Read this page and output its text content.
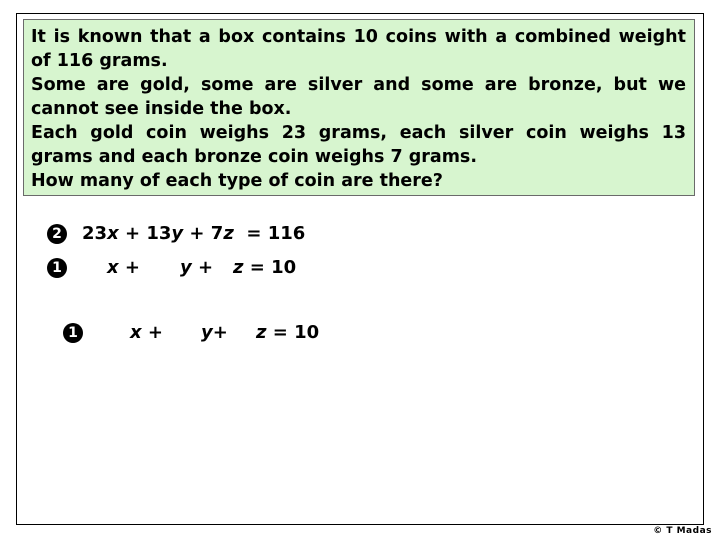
It is known that a box contains 10 coins with a combined weight
of 116 grams.
Some are gold, some are silver and some are bronze, but we
cannot see inside the box.
Each gold coin weighs 23 grams, each silver coin weighs 13
grams and each bronze coin weighs 7 grams.
How many of each type of coin are there?
2 23x + 13y + 7z = 116
1	x + y + z = 10
1	x + y+ z = 10
© T Madas
